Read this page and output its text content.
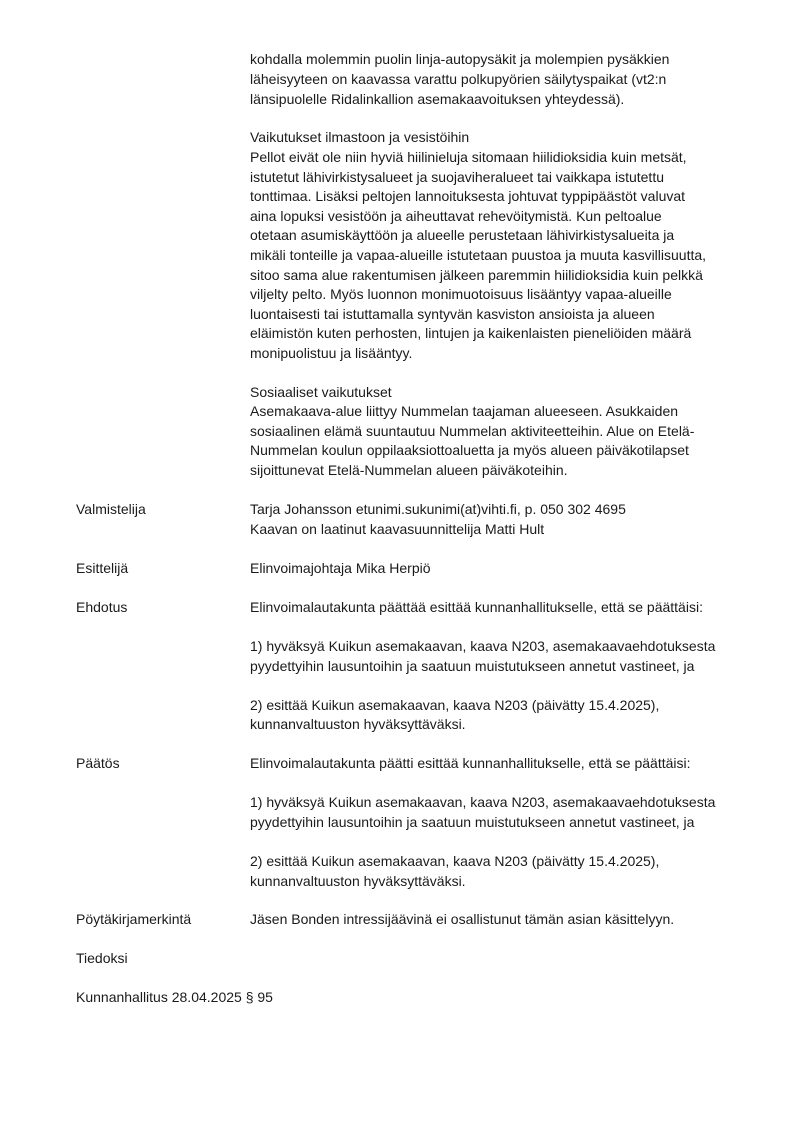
kohdalla molemmin puolin linja-autopysäkit ja molempien pysäkkien
läheisyyteen on kaavassa varattu polkupyörien säilytyspaikat (vt2:n
länsipuolelle Ridalinkallion asemakaavoituksen yhteydessä).
Vaikutukset ilmastoon ja vesistöihin
Pellot eivät ole niin hyviä hiilinieluja sitomaan hiilidioksidia kuin metsät,
istutetut lähivirkistysalueet ja suojaviheralueet tai vaikkapa istutettu
tonttimaa. Lisäksi peltojen lannoituksesta johtuvat typpipäästöt valuvat
aina lopuksi vesistöön ja aiheuttavat rehevöitymistä. Kun peltoalue
otetaan asumiskäyttöön ja alueelle perustetaan lähivirkistysalueita ja
mikäli tonteille ja vapaa-alueille istutetaan puustoa ja muuta kasvillisuutta,
sitoo sama alue rakentumisen jälkeen paremmin hiilidioksidia kuin pelkkä
viljelty pelto. Myös luonnon monimuotoisuus lisääntyy vapaa-alueille
luontaisesti tai istuttamalla syntyvän kasviston ansioista ja alueen
eläimistön kuten perhosten, lintujen ja kaikenlaisten pieneliöiden määrä
monipuolistuu ja lisääntyy.
Sosiaaliset vaikutukset
Asemakaava-alue liittyy Nummelan taajaman alueeseen. Asukkaiden
sosiaalinen elämä suuntautuu Nummelan aktiviteetteihin. Alue on Etelä-
Nummelan koulun oppilaaksiottoaluetta ja myös alueen päiväkotilapset
sijoittunevat Etelä-Nummelan alueen päiväkoteihin.
Valmistelija	Tarja Johansson etunimi.sukunimi(at)vihti.fi, p. 050 302 4695
Kaavan on laatinut kaavasuunnittelija Matti Hult
Esittelijä	Elinvoimajohtaja Mika Herpiö
Ehdotus	Elinvoimalautakunta päättää esittää kunnanhallitukselle, että se päättäisi:
1) hyväksyä Kuikun asemakaavan, kaava N203, asemakaavaehdotuksesta
pyydettyihin lausuntoihin ja saatuun muistutukseen annetut vastineet, ja
2) esittää Kuikun asemakaavan, kaava N203 (päivätty 15.4.2025),
kunnanvaltuuston hyväksyttäväksi.
Päätös	Elinvoimalautakunta päätti esittää kunnanhallitukselle, että se päättäisi:
1) hyväksyä Kuikun asemakaavan, kaava N203, asemakaavaehdotuksesta
pyydettyihin lausuntoihin ja saatuun muistutukseen annetut vastineet, ja
2) esittää Kuikun asemakaavan, kaava N203 (päivätty 15.4.2025),
kunnanvaltuuston hyväksyttäväksi.
Pöytäkirjamerkintä	Jäsen Bonden intressijäävinä ei osallistunut tämän asian käsittelyyn.
Tiedoksi
Kunnanhallitus 28.04.2025 § 95
